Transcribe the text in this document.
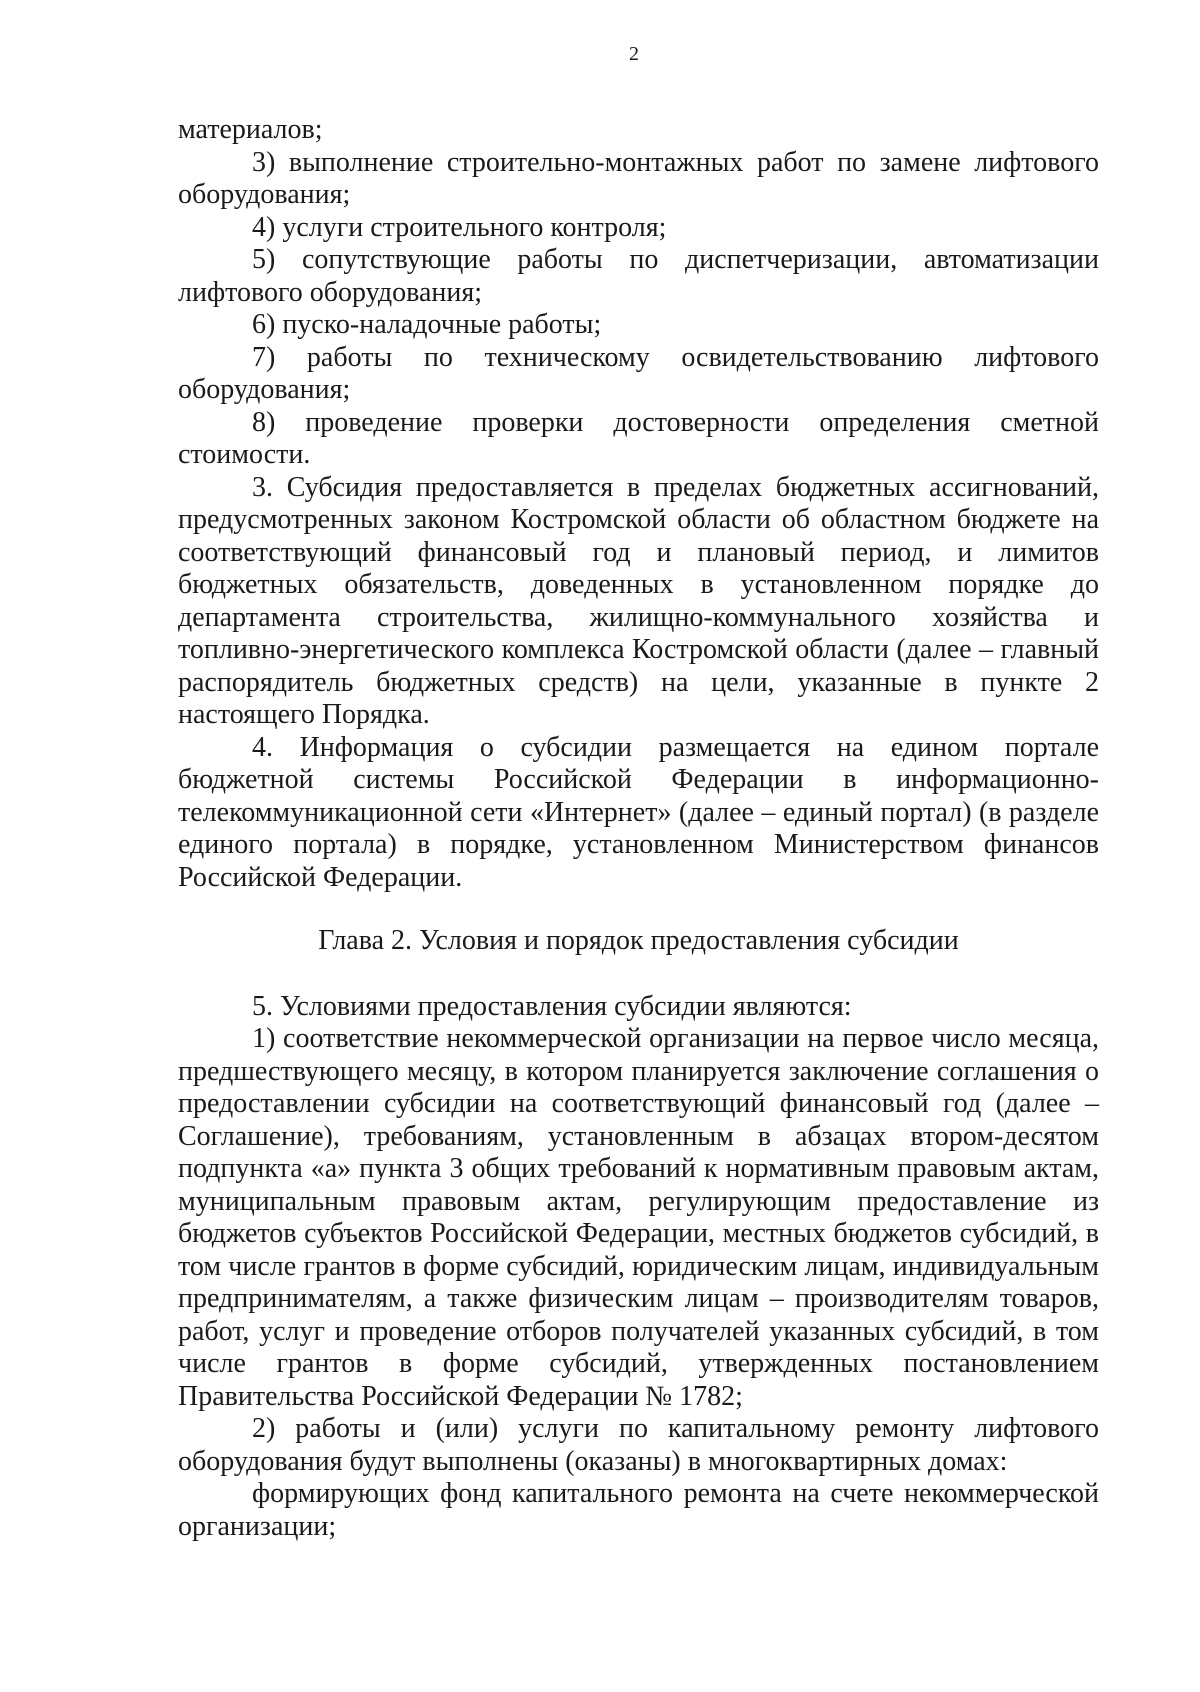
2

материалов;

3) выполнение строительно-монтажных работ по замене лифтового оборудования;

4) услуги строительного контроля;

5) сопутствующие работы по диспетчеризации, автоматизации лифтового оборудования;

6) пуско-наладочные работы;

7) работы по техническому освидетельствованию лифтового оборудования;

8) проведение проверки достоверности определения сметной стоимости.

3. Субсидия предоставляется в пределах бюджетных ассигнований, предусмотренных законом Костромской области об областном бюджете на соответствующий финансовый год и плановый период, и лимитов бюджетных обязательств, доведенных в установленном порядке до департамента строительства, жилищно-коммунального хозяйства и топливно-энергетического комплекса Костромской области (далее – главный распорядитель бюджетных средств) на цели, указанные в пункте 2 настоящего Порядка.

4. Информация о субсидии размещается на едином портале бюджетной системы Российской Федерации в информационно-телекоммуникационной сети «Интернет» (далее – единый портал) (в разделе единого портала) в порядке, установленном Министерством финансов Российской Федерации.

Глава 2. Условия и порядок предоставления субсидии

5. Условиями предоставления субсидии являются:

1) соответствие некоммерческой организации на первое число месяца, предшествующего месяцу, в котором планируется заключение соглашения о предоставлении субсидии на соответствующий финансовый год (далее – Соглашение), требованиям, установленным в абзацах втором-десятом подпункта «а» пункта 3 общих требований к нормативным правовым актам, муниципальным правовым актам, регулирующим предоставление из бюджетов субъектов Российской Федерации, местных бюджетов субсидий, в том числе грантов в форме субсидий, юридическим лицам, индивидуальным предпринимателям, а также физическим лицам – производителям товаров, работ, услуг и проведение отборов получателей указанных субсидий, в том числе грантов в форме субсидий, утвержденных постановлением Правительства Российской Федерации № 1782;

2) работы и (или) услуги по капитальному ремонту лифтового оборудования будут выполнены (оказаны) в многоквартирных домах:

формирующих фонд капитального ремонта на счете некоммерческой организации;
